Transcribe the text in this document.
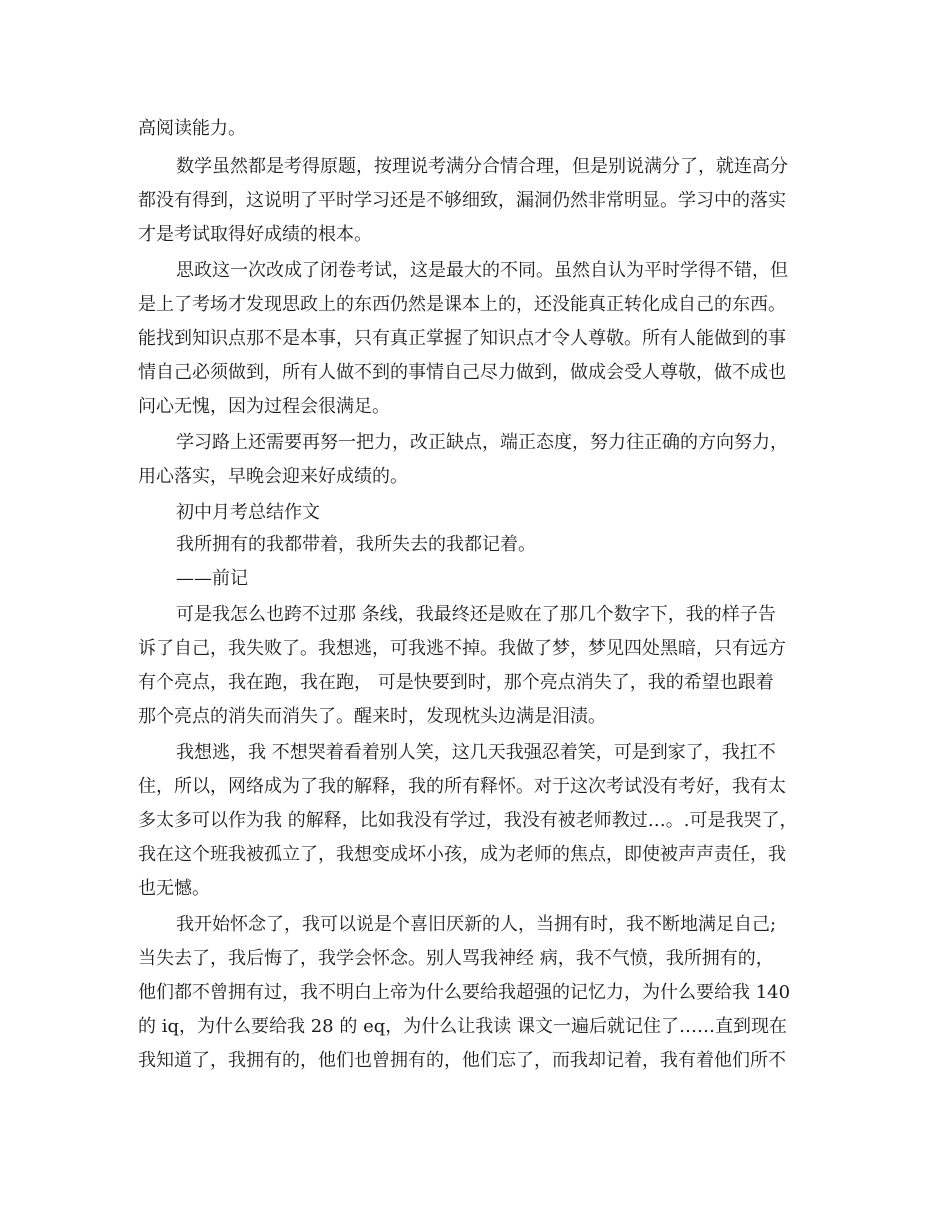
高阅读能力。
数学虽然都是考得原题，按理说考满分合情合理，但是别说满分了，就连高分
都没有得到，这说明了平时学习还是不够细致，漏洞仍然非常明显。学习中的落实
才是考试取得好成绩的根本。
思政这一次改成了闭卷考试，这是最大的不同。虽然自认为平时学得不错，但
是上了考场才发现思政上的东西仍然是课本上的，还没能真正转化成自己的东西。
能找到知识点那不是本事，只有真正掌握了知识点才令人尊敬。所有人能做到的事
情自己必须做到，所有人做不到的事情自己尽力做到，做成会受人尊敬，做不成也
问心无愧，因为过程会很满足。
学习路上还需要再努一把力，改正缺点，端正态度，努力往正确的方向努力，
用心落实，早晚会迎来好成绩的。
初中月考总结作文
我所拥有的我都带着，我所失去的我都记着。
——前记
可是我怎么也跨不过那 条线，我最终还是败在了那几个数字下，我的样子告
诉了自己，我失败了。我想逃，可我逃不掉。我做了梦，梦见四处黑暗，只有远方
有个亮点，我在跑，我在跑， 可是快要到时，那个亮点消失了，我的希望也跟着
那个亮点的消失而消失了。醒来时，发现枕头边满是泪渍。
我想逃，我 不想哭着看着别人笑，这几天我强忍着笑，可是到家了，我扛不
住，所以，网络成为了我的解释，我的所有释怀。对于这次考试没有考好，我有太
多太多可以作为我 的解释，比如我没有学过，我没有被老师教过…。.可是我哭了，
我在这个班我被孤立了，我想变成坏小孩，成为老师的焦点，即使被声声责任，我
也无憾。
我开始怀念了，我可以说是个喜旧厌新的人，当拥有时，我不断地满足自己;
当失去了，我后悔了，我学会怀念。别人骂我神经 病，我不气愤，我所拥有的，
他们都不曾拥有过，我不明白上帝为什么要给我超强的记忆力，为什么要给我 140
的 iq，为什么要给我 28 的 eq，为什么让我读 课文一遍后就记住了……直到现在
我知道了，我拥有的，他们也曾拥有的，他们忘了，而我却记着，我有着他们所不
